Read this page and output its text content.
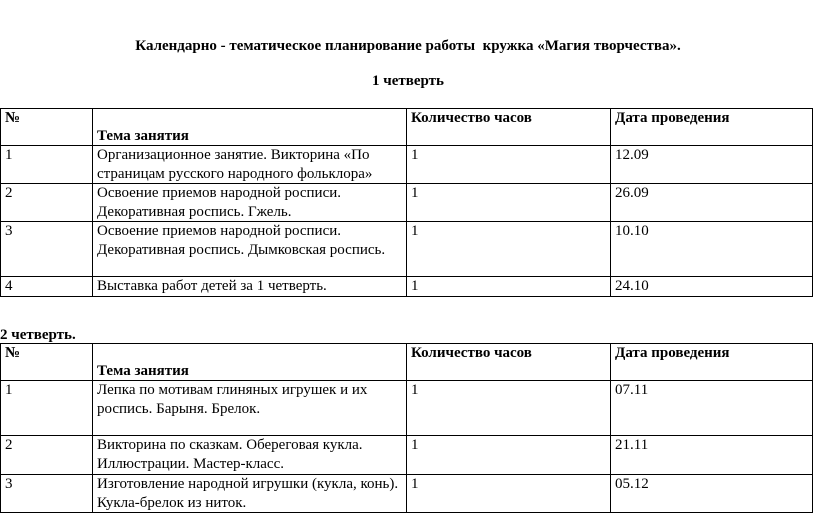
Календарно - тематическое планирование работы  кружка «Магия творчества».
1 четверть
№	Тема занятия	Количество часов	Дата проведения
1	Организационное занятие. Викторина «По страницам русского народного фольклора»	1	12.09
2	Освоение приемов народной росписи. Декоративная роспись. Гжель.	1	26.09
3	Освоение приемов народной росписи. Декоративная роспись. Дымковская роспись.	1	10.10
4	Выставка работ детей за 1 четверть.	1	24.10
2 четверть.
№	Тема занятия	Количество часов	Дата проведения
1	Лепка по мотивам глиняных игрушек и их роспись. Барыня. Брелок.	1	07.11
2	Викторина по сказкам. Обереговая кукла. Иллюстрации. Мастер-класс.	1	21.11
3	Изготовление народной игрушки (кукла, конь). Кукла-брелок из ниток.	1	05.12
